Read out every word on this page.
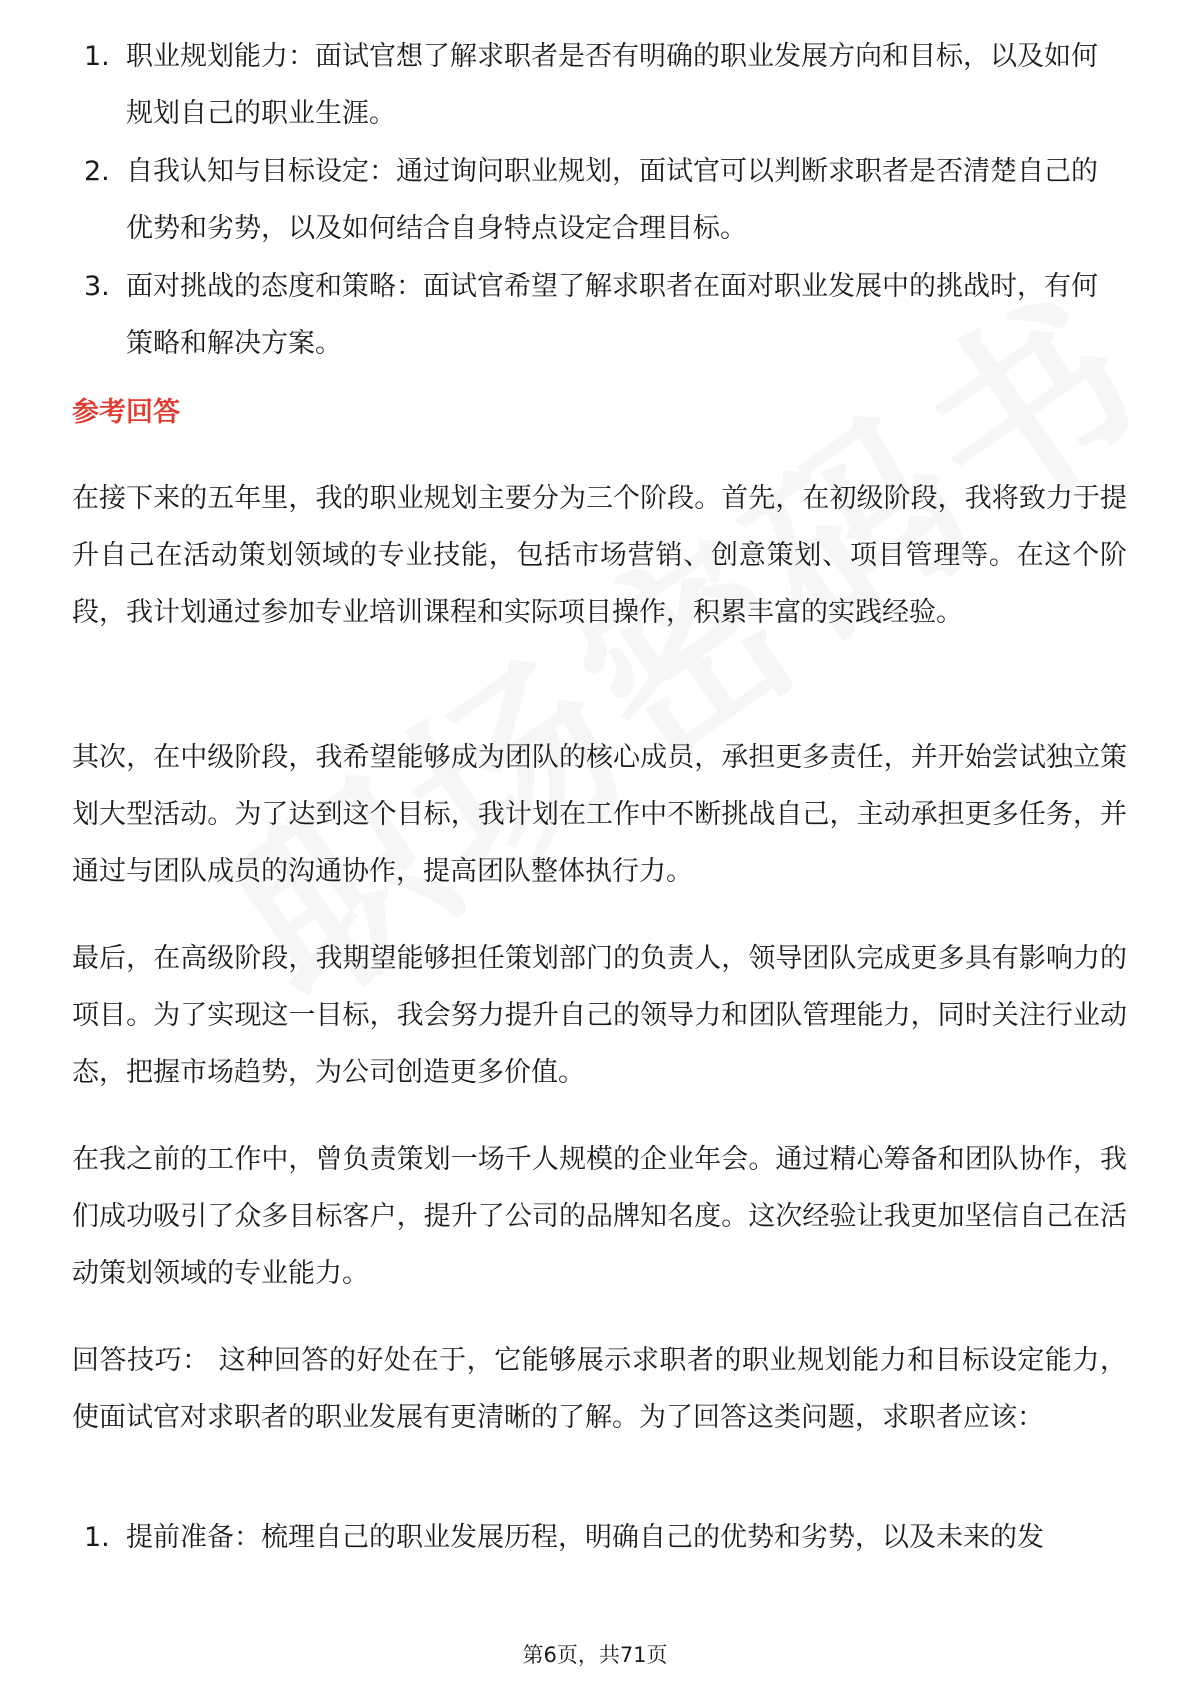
1. 职业规划能力：面试官想了解求职者是否有明确的职业发展方向和目标，以及如何规划自己的职业生涯。
2. 自我认知与目标设定：通过询问职业规划，面试官可以判断求职者是否清楚自己的优势和劣势，以及如何结合自身特点设定合理目标。
3. 面对挑战的态度和策略：面试官希望了解求职者在面对职业发展中的挑战时，有何策略和解决方案。
参考回答

在接下来的五年里，我的职业规划主要分为三个阶段。首先，在初级阶段，我将致力于提升自己在活动策划领域的专业技能，包括市场营销、创意策划、项目管理等。在这个阶段，我计划通过参加专业培训课程和实际项目操作，积累丰富的实践经验。

其次，在中级阶段，我希望能够成为团队的核心成员，承担更多责任，并开始尝试独立策划大型活动。为了达到这个目标，我计划在工作中不断挑战自己，主动承担更多任务，并通过与团队成员的沟通协作，提高团队整体执行力。

最后，在高级阶段，我期望能够担任策划部门的负责人，领导团队完成更多具有影响力的项目。为了实现这一目标，我会努力提升自己的领导力和团队管理能力，同时关注行业动态，把握市场趋势，为公司创造更多价值。

在我之前的工作中，曾负责策划一场千人规模的企业年会。通过精心筹备和团队协作，我们成功吸引了众多目标客户，提升了公司的品牌知名度。这次经验让我更加坚信自己在活动策划领域的专业能力。

回答技巧： 这种回答的好处在于，它能够展示求职者的职业规划能力和目标设定能力，使面试官对求职者的职业发展有更清晰的了解。为了回答这类问题，求职者应该：

1. 提前准备：梳理自己的职业发展历程，明确自己的优势和劣势，以及未来的发
第6页，共71页
